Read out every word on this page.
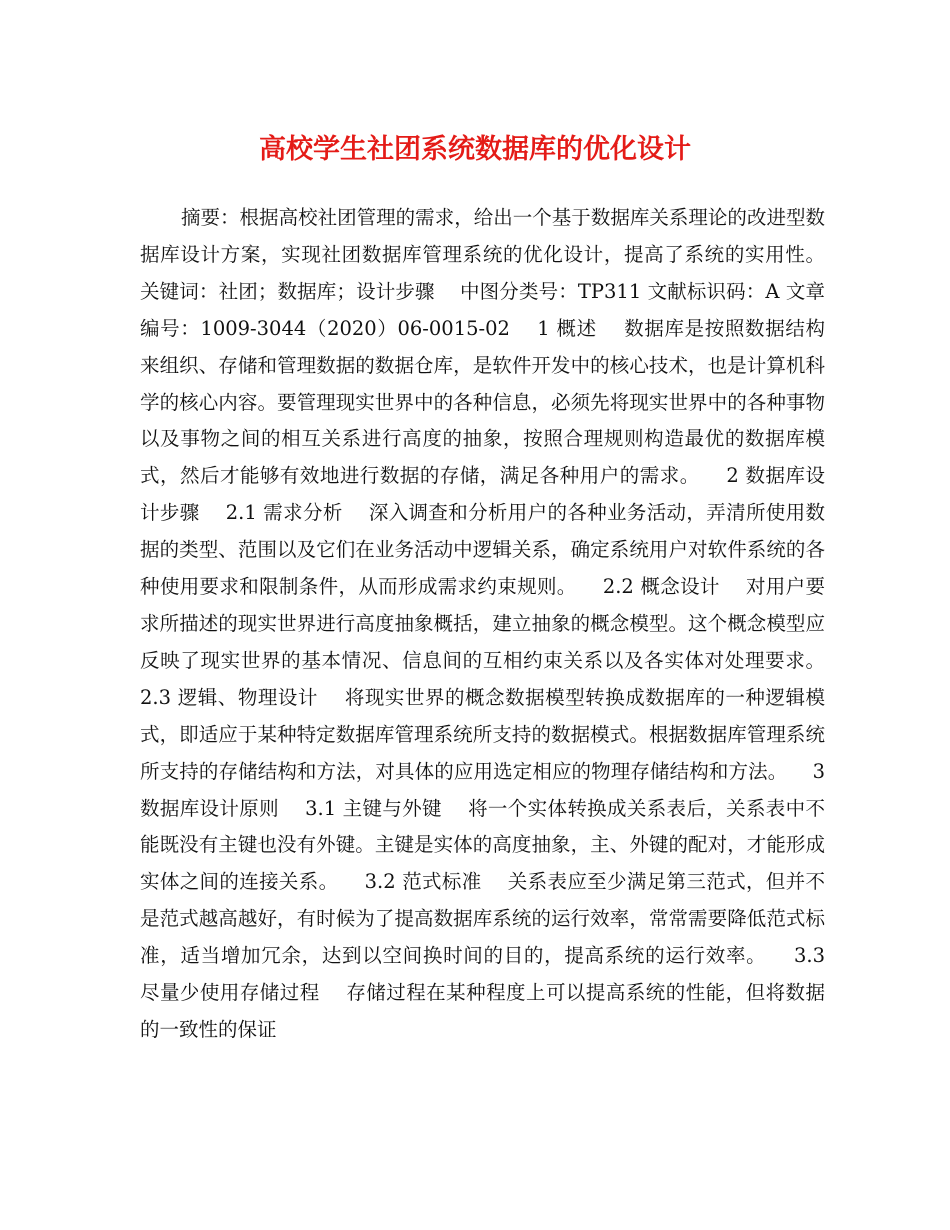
高校学生社团系统数据库的优化设计

摘要：根据高校社团管理的需求，给出一个基于数据库关系理论的改进型数据库设计方案，实现社团数据库管理系统的优化设计，提高了系统的实用性。    关键词：社团；数据库；设计步骤    中图分类号：TP311 文献标识码：A 文章编号：1009-3044（2020）06-0015-02    1 概述    数据库是按照数据结构来组织、存储和管理数据的数据仓库，是软件开发中的核心技术，也是计算机科学的核心内容。要管理现实世界中的各种信息，必须先将现实世界中的各种事物以及事物之间的相互关系进行高度的抽象，按照合理规则构造最优的数据库模式，然后才能够有效地进行数据的存储，满足各种用户的需求。    2 数据库设计步骤    2.1 需求分析    深入调查和分析用户的各种业务活动，弄清所使用数据的类型、范围以及它们在业务活动中逻辑关系，确定系统用户对软件系统的各种使用要求和限制条件，从而形成需求约束规则。    2.2 概念设计    对用户要求所描述的现实世界进行高度抽象概括，建立抽象的概念模型。这个概念模型应反映了现实世界的基本情况、信息间的互相约束关系以及各实体对处理要求。    2.3 逻辑、物理设计    将现实世界的概念数据模型转换成数据库的一种逻辑模式，即适应于某种特定数据库管理系统所支持的数据模式。根据数据库管理系统所支持的存储结构和方法，对具体的应用选定相应的物理存储结构和方法。    3 数据库设计原则    3.1 主键与外键    将一个实体转换成关系表后，关系表中不能既没有主键也没有外键。主键是实体的高度抽象，主、外键的配对，才能形成实体之间的连接关系。    3.2 范式标准    关系表应至少满足第三范式，但并不是范式越高越好，有时候为了提高数据库系统的运行效率，常常需要降低范式标准，适当增加冗余，达到以空间换时间的目的，提高系统的运行效率。    3.3 尽量少使用存储过程    存储过程在某种程度上可以提高系统的性能，但将数据的一致性的保证
